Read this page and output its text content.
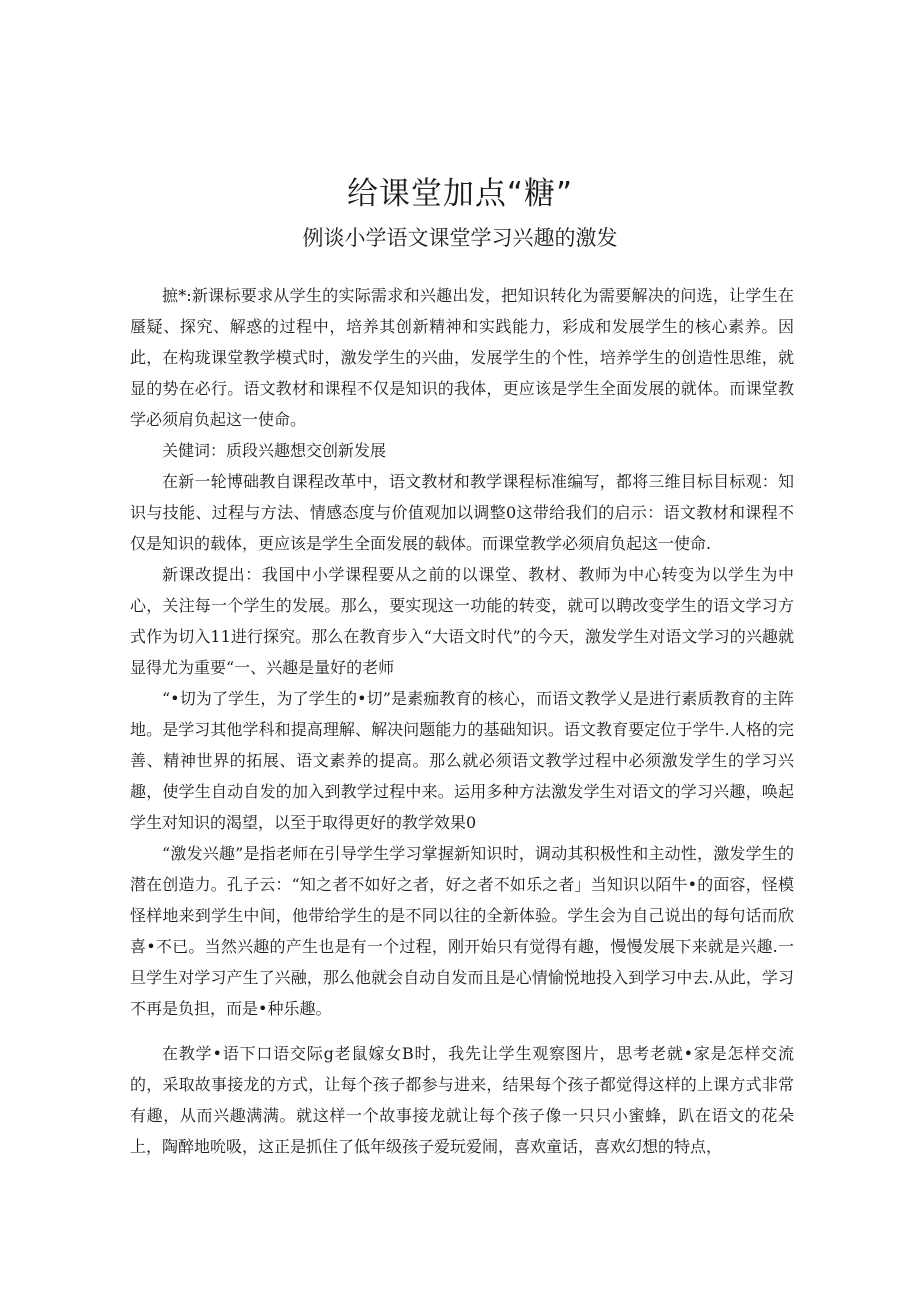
给课堂加点“糖”
例谈小学语文课堂学习兴趣的激发

摭*:新课标要求从学生的实际需求和兴趣出发，把知识转化为需要解决的问选，让学生在蜃疑、探究、解惑的过程中，培养其创新精神和实践能力，彩成和发展学生的核心素养。因此，在构珑课堂教学模式时，激发学生的兴曲，发展学生的个性，培养学生的创造性思维，就显的势在必行。语文教材和课程不仅是知识的我体，更应该是学生全面发展的就体。而课堂教学必须肩负起这一使命。

关健词：质段兴趣想交创新发展

在新一轮博础教自课程改革中，语文教材和教学课程标准编写，都将三维目标目标观：知识与技能、过程与方法、情感态度与价值观加以调整0这带给我们的启示：语文教材和课程不仅是知识的载体，更应该是学生全面发展的载体。而课堂教学必须肩负起这一使命.

新课改提出：我国中小学课程要从之前的以课堂、教材、教师为中心转变为以学生为中心，关注每一个学生的发展。那么，要实现这一功能的转变，就可以聘改变学生的语文学习方式作为切入11进行探究。那么在教育步入“大语文时代”的今天，激发学生对语文学习的兴趣就显得尤为重要“一、兴趣是量好的老师

“•切为了学生，为了学生的•切”是素痂教育的核心，而语文教学乂是进行素质教育的主阵地。是学习其他学科和提高理解、解决问题能力的基础知识。语文教育要定位于学牛.人格的完善、精神世界的拓展、语文素养的提高。那么就必须语文教学过程中必须激发学生的学习兴趣，使学生自动自发的加入到教学过程中来。运用多种方法激发学生对语文的学习兴趣，唤起学生对知识的渴望，以至于取得更好的教学效果0

“激发兴趣”是指老师在引导学生学习掌握新知识时，调动其积极性和主动性，激发学生的潜在创造力。孔子云：“知之者不如好之者，好之者不如乐之者」当知识以陌牛•的面容，怪模怪样地来到学生中间，他带给学生的是不同以往的全新体验。学生会为自己说出的每句话而欣喜•不已。当然兴趣的产生也是有一个过程，刚开始只有觉得有趣，慢慢发展下来就是兴趣.一旦学生对学习产生了兴融，那么他就会自动自发而且是心情愉悦地投入到学习中去.从此，学习不再是负担，而是•种乐趣。

在教学•语下口语交际g老鼠嫁女B时，我先让学生观察图片，思考老就•家是怎样交流的，采取故事接龙的方式，让每个孩子都参与进来，结果每个孩子都觉得这样的上课方式非常有趣，从而兴趣满满。就这样一个故事接龙就让每个孩子像一只只小蜜蜂，趴在语文的花朵上，陶醉地吮吸，这正是抓住了低年级孩子爱玩爱闹，喜欢童话，喜欢幻想的特点，
